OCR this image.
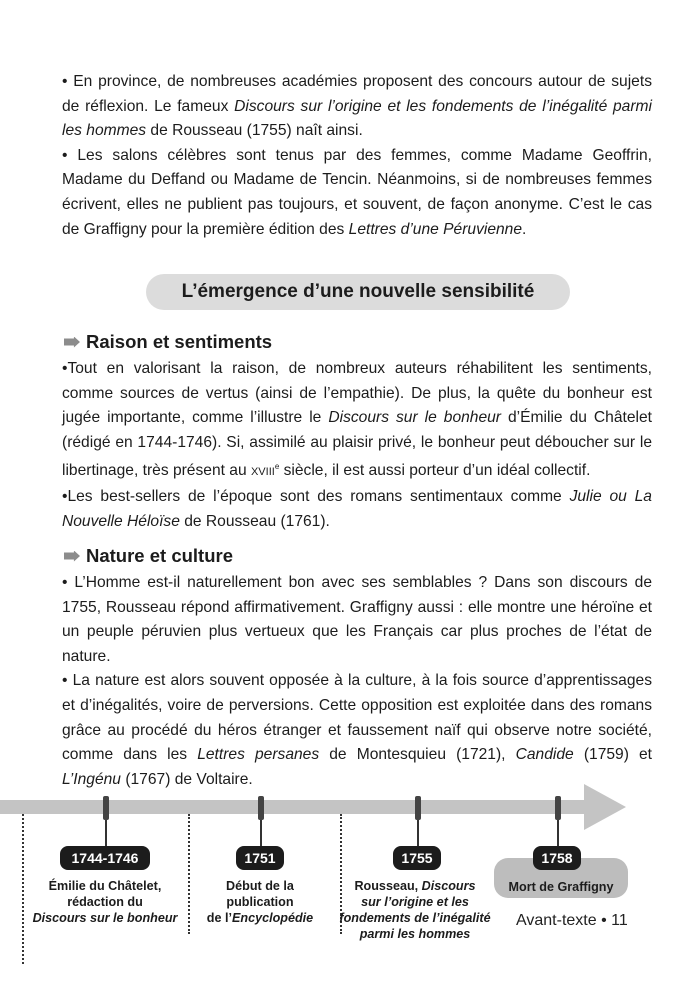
• En province, de nombreuses académies proposent des concours autour de sujets de réflexion. Le fameux Discours sur l’origine et les fondements de l’inégalité parmi les hommes de Rousseau (1755) naît ainsi.

• Les salons célèbres sont tenus par des femmes, comme Madame Geoffrin, Madame du Deffand ou Madame de Tencin. Néanmoins, si de nombreuses femmes écrivent, elles ne publient pas toujours, et souvent, de façon anonyme. C’est le cas de Graffigny pour la première édition des Lettres d’une Péruvienne.

L’émergence d’une nouvelle sensibilité
Raison et sentiments

•Tout en valorisant la raison, de nombreux auteurs réhabilitent les sentiments, comme sources de vertus (ainsi de l’empathie). De plus, la quête du bonheur est jugée importante, comme l’illustre le Discours sur le bonheur d’Émilie du Châtelet (rédigé en 1744-1746). Si, assimilé au plaisir privé, le bonheur peut déboucher sur le libertinage, très présent au XVIIIe siècle, il est aussi porteur d’un idéal collectif.

•Les best-sellers de l’époque sont des romans sentimentaux comme Julie ou La Nouvelle Héloïse de Rousseau (1761).

Nature et culture

• L’Homme est-il naturellement bon avec ses semblables ? Dans son discours de 1755, Rousseau répond affirmativement. Graffigny aussi : elle montre une héroïne et un peuple péruvien plus vertueux que les Français car plus proches de l’état de nature.

• La nature est alors souvent opposée à la culture, à la fois source d’apprentissages et d’inégalités, voire de perversions. Cette opposition est exploitée dans des romans grâce au procédé du héros étranger et faussement naïf qui observe notre société, comme dans les Lettres persanes de Montesquieu (1721), Candide (1759) et L’Ingénu (1767) de Voltaire.

1744-1746
Émilie du Châtelet,
rédaction du
Discours sur le bonheur
1751
Début de la
publication
de l’Encyclopédie
1755
Rousseau, Discours
sur l’origine et les
fondements de l’inégalité
parmi les hommes
1758
Mort de Graffigny
Avant-texte • 11
